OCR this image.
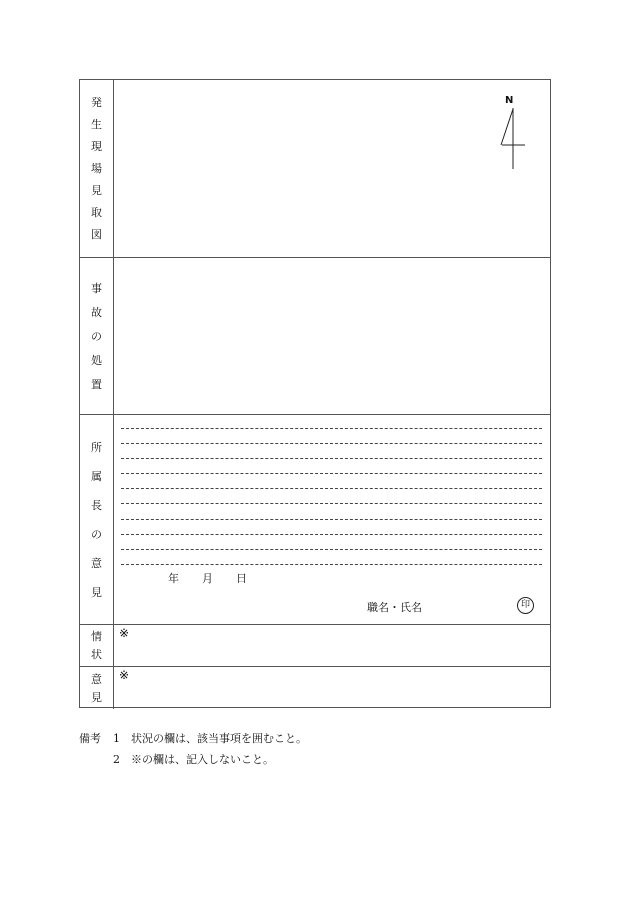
発
生
現
場
見
取
図
N
事
故
の
処
置
所
属
長
の
意
見
年 月 日
職名・氏名	印
情
状
※
意
見
※
備考 1 状況の欄は、該当事項を囲むこと。
2 ※の欄は、記入しないこと。
